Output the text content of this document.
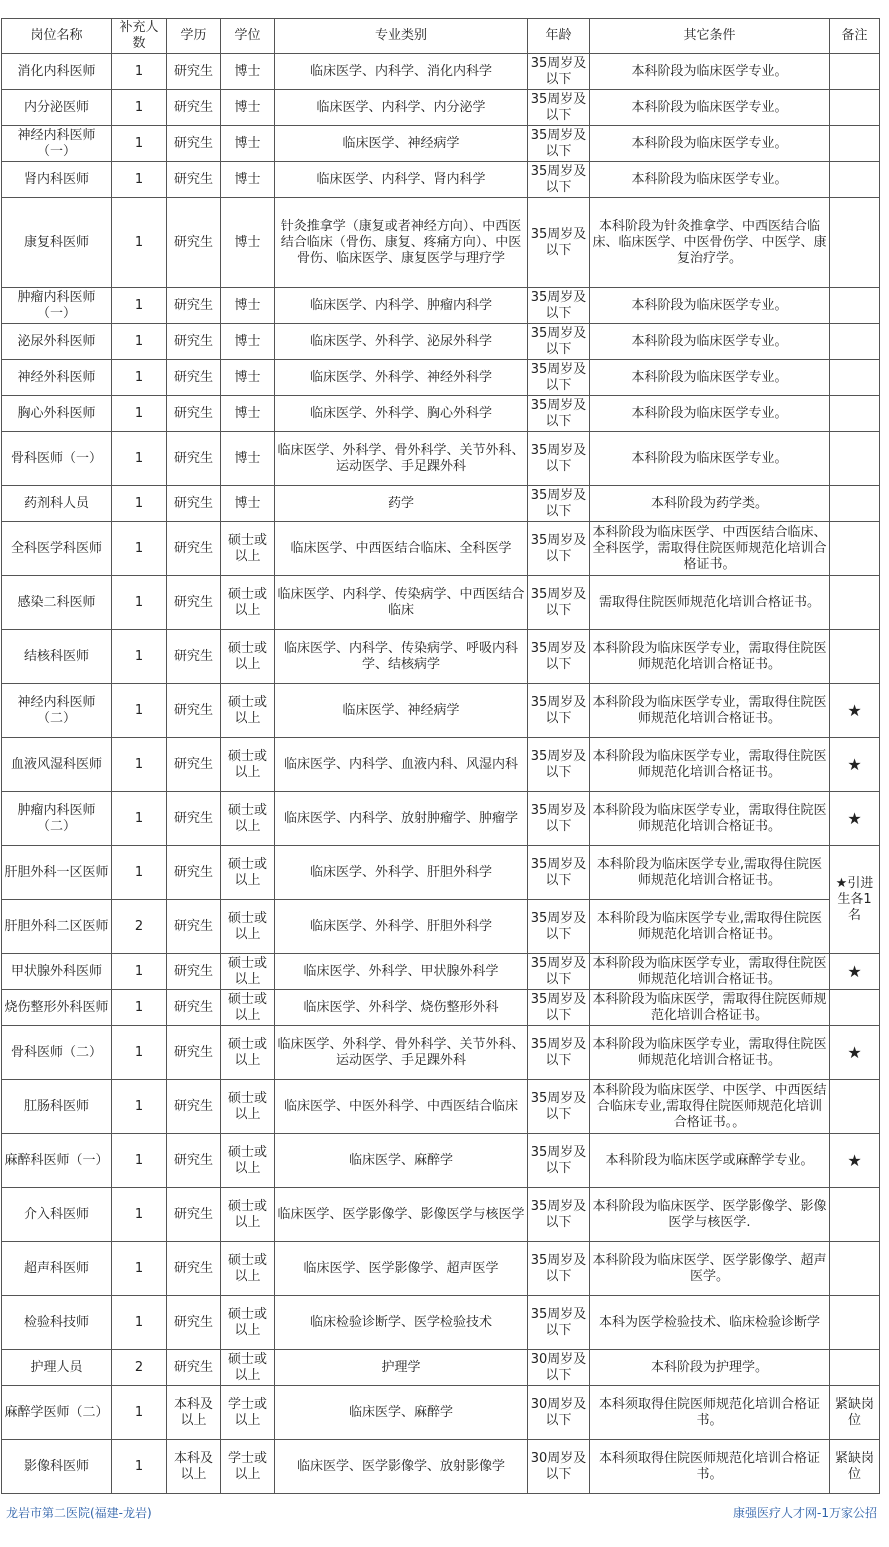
岗位名称	补充人数	学历	学位	专业类别	年龄	其它条件	备注
消化内科医师	1	研究生	博士	临床医学、内科学、消化内科学	35周岁及以下	本科阶段为临床医学专业。	
内分泌医师	1	研究生	博士	临床医学、内科学、内分泌学	35周岁及以下	本科阶段为临床医学专业。	
神经内科医师（一）	1	研究生	博士	临床医学、神经病学	35周岁及以下	本科阶段为临床医学专业。	
肾内科医师	1	研究生	博士	临床医学、内科学、肾内科学	35周岁及以下	本科阶段为临床医学专业。	
康复科医师	1	研究生	博士	针灸推拿学（康复或者神经方向）、中西医结合临床（骨伤、康复、疼痛方向）、中医骨伤、临床医学、康复医学与理疗学	35周岁及以下	本科阶段为针灸推拿学、中西医结合临床、临床医学、中医骨伤学、中医学、康复治疗学。	
肿瘤内科医师（一）	1	研究生	博士	临床医学、内科学、肿瘤内科学	35周岁及以下	本科阶段为临床医学专业。	
泌尿外科医师	1	研究生	博士	临床医学、外科学、泌尿外科学	35周岁及以下	本科阶段为临床医学专业。	
神经外科医师	1	研究生	博士	临床医学、外科学、神经外科学	35周岁及以下	本科阶段为临床医学专业。	
胸心外科医师	1	研究生	博士	临床医学、外科学、胸心外科学	35周岁及以下	本科阶段为临床医学专业。	
骨科医师（一）	1	研究生	博士	临床医学、外科学、骨外科学、关节外科、运动医学、手足踝外科	35周岁及以下	本科阶段为临床医学专业。	
药剂科人员	1	研究生	博士	药学	35周岁及以下	本科阶段为药学类。	
全科医学科医师	1	研究生	硕士或以上	临床医学、中西医结合临床、全科医学	35周岁及以下	本科阶段为临床医学、中西医结合临床、全科医学，需取得住院医师规范化培训合格证书。	
感染二科医师	1	研究生	硕士或以上	临床医学、内科学、传染病学、中西医结合临床	35周岁及以下	需取得住院医师规范化培训合格证书。	
结核科医师	1	研究生	硕士或以上	临床医学、内科学、传染病学、呼吸内科学、结核病学	35周岁及以下	本科阶段为临床医学专业，需取得住院医师规范化培训合格证书。	
神经内科医师（二）	1	研究生	硕士或以上	临床医学、神经病学	35周岁及以下	本科阶段为临床医学专业，需取得住院医师规范化培训合格证书。	★
血液风湿科医师	1	研究生	硕士或以上	临床医学、内科学、血液内科、风湿内科	35周岁及以下	本科阶段为临床医学专业，需取得住院医师规范化培训合格证书。	★
肿瘤内科医师（二）	1	研究生	硕士或以上	临床医学、内科学、放射肿瘤学、肿瘤学	35周岁及以下	本科阶段为临床医学专业，需取得住院医师规范化培训合格证书。	★
肝胆外科一区医师	1	研究生	硕士或以上	临床医学、外科学、肝胆外科学	35周岁及以下	本科阶段为临床医学专业,需取得住院医师规范化培训合格证书。	★引进生各1名
肝胆外科二区医师	2	研究生	硕士或以上	临床医学、外科学、肝胆外科学	35周岁及以下	本科阶段为临床医学专业,需取得住院医师规范化培训合格证书。	
甲状腺外科医师	1	研究生	硕士或以上	临床医学、外科学、甲状腺外科学	35周岁及以下	本科阶段为临床医学专业，需取得住院医师规范化培训合格证书。	★
烧伤整形外科医师	1	研究生	硕士或以上	临床医学、外科学、烧伤整形外科	35周岁及以下	本科阶段为临床医学，需取得住院医师规范化培训合格证书。	
骨科医师（二）	1	研究生	硕士或以上	临床医学、外科学、骨外科学、关节外科、运动医学、手足踝外科	35周岁及以下	本科阶段为临床医学专业，需取得住院医师规范化培训合格证书。	★
肛肠科医师	1	研究生	硕士或以上	临床医学、中医外科学、中西医结合临床	35周岁及以下	本科阶段为临床医学、中医学、中西医结合临床专业,需取得住院医师规范化培训合格证书。。	
麻醉科医师（一）	1	研究生	硕士或以上	临床医学、麻醉学	35周岁及以下	本科阶段为临床医学或麻醉学专业。	★
介入科医师	1	研究生	硕士或以上	临床医学、医学影像学、影像医学与核医学	35周岁及以下	本科阶段为临床医学、医学影像学、影像医学与核医学.	
超声科医师	1	研究生	硕士或以上	临床医学、医学影像学、超声医学	35周岁及以下	本科阶段为临床医学、医学影像学、超声医学。	
检验科技师	1	研究生	硕士或以上	临床检验诊断学、医学检验技术	35周岁及以下	本科为医学检验技术、临床检验诊断学	
护理人员	2	研究生	硕士或以上	护理学	30周岁及以下	本科阶段为护理学。	
麻醉学医师（二）	1	本科及以上	学士或以上	临床医学、麻醉学	30周岁及以下	本科须取得住院医师规范化培训合格证书。	紧缺岗位
影像科医师	1	本科及以上	学士或以上	临床医学、医学影像学、放射影像学	30周岁及以下	本科须取得住院医师规范化培训合格证书。	紧缺岗位
龙岩市第二医院(福建-龙岩)	康强医疗人才网-1万家公招
